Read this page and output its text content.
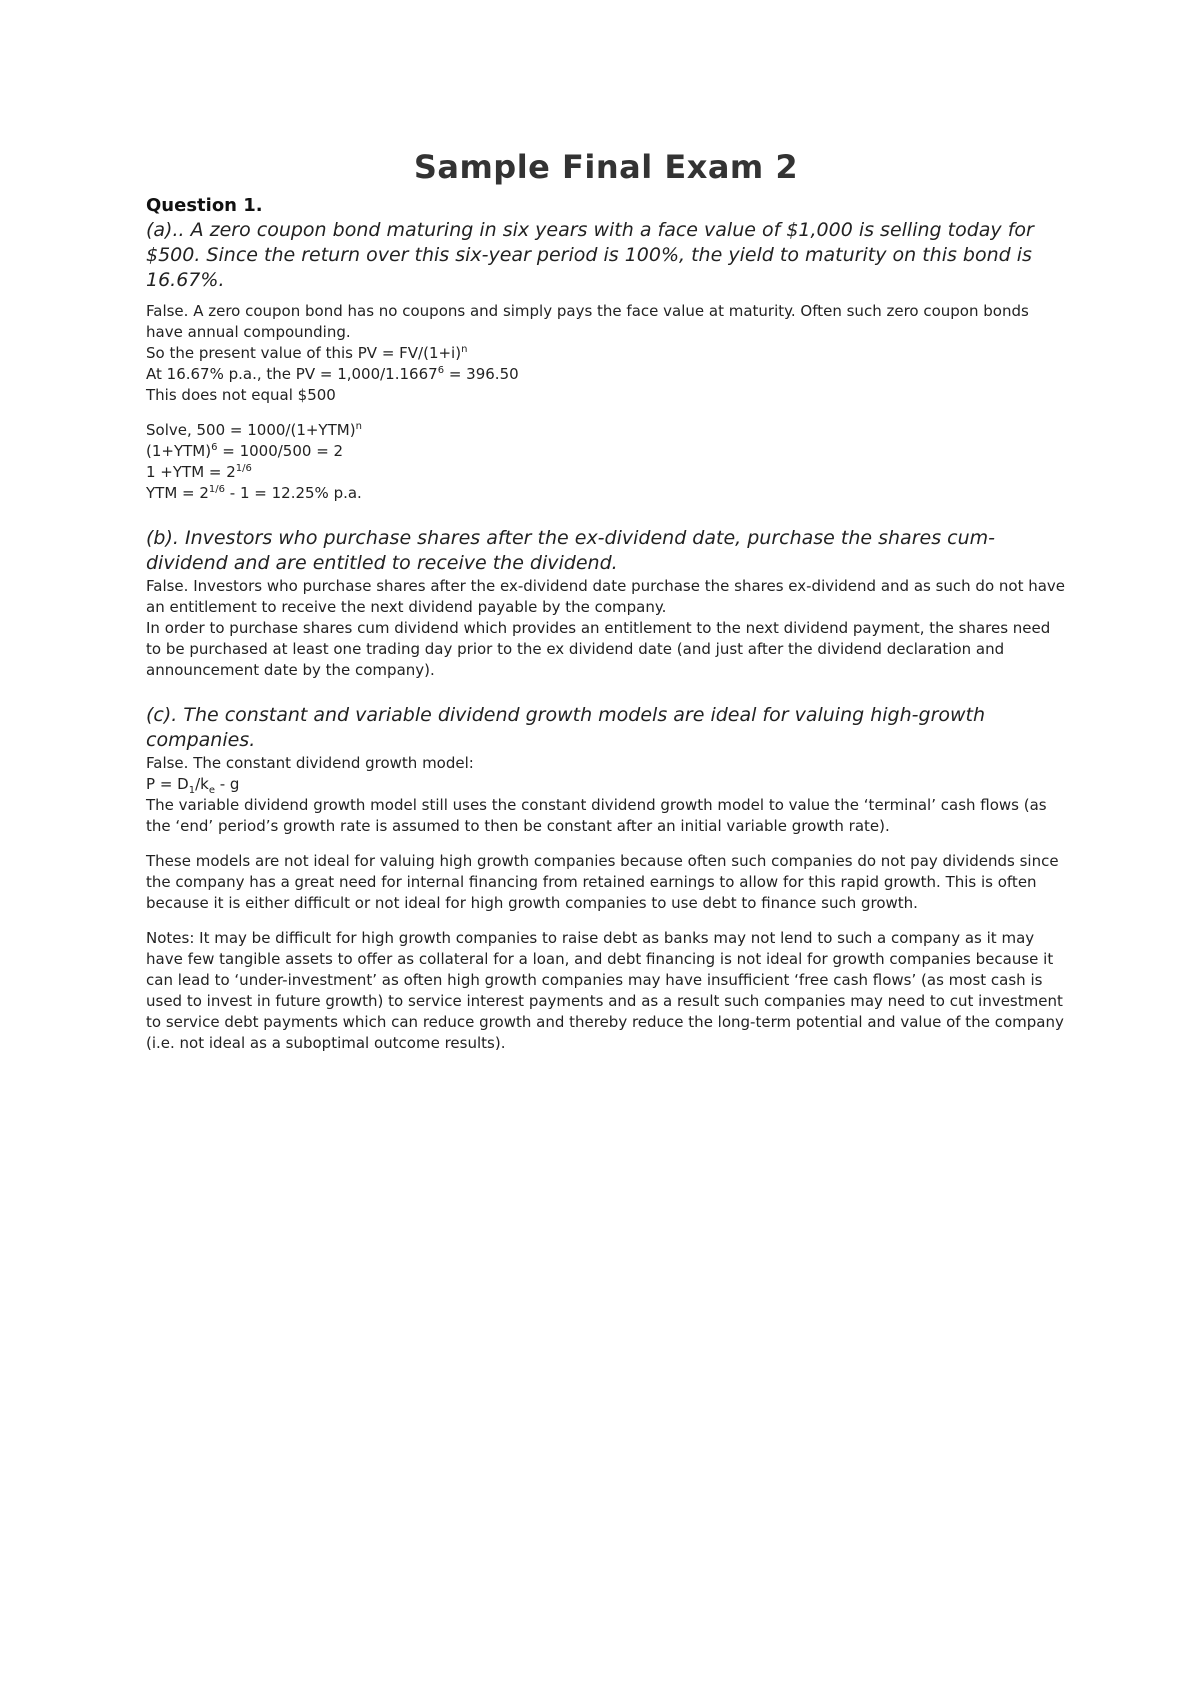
Sample Final Exam 2

Question 1.

(a).. A zero coupon bond maturing in six years with a face value of $1,000 is selling today for $500. Since the return over this six-year period is 100%, the yield to maturity on this bond is 16.67%.

False. A zero coupon bond has no coupons and simply pays the face value at maturity. Often such zero coupon bonds have annual compounding.

So the present value of this PV = $FV/(1+i)^n$

At 16.67% p.a., the PV = $1,000/1.1667^6 = 396.50$

This does not equal $500

Solve, $500 = 1000/(1+YTM)^n$

$(1+YTM)^6 = 1000/500 = 2$

$1 +YTM = 2^{1/6}$

YTM = $2^{1/6} - 1 = 12.25\%$ p.a.

(b). Investors who purchase shares after the ex-dividend date, purchase the shares cum-dividend and are entitled to receive the dividend.

False. Investors who purchase shares after the ex-dividend date purchase the shares ex-dividend and as such do not have an entitlement to receive the next dividend payable by the company.

In order to purchase shares cum dividend which provides an entitlement to the next dividend payment, the shares need to be purchased at least one trading day prior to the ex dividend date (and just after the dividend declaration and announcement date by the company).

(c). The constant and variable dividend growth models are ideal for valuing high-growth companies.

False. The constant dividend growth model:

$P = D_1/k_e - g$

The variable dividend growth model still uses the constant dividend growth model to value the ‘terminal’ cash flows (as the ‘end’ period’s growth rate is assumed to then be constant after an initial variable growth rate).

These models are not ideal for valuing high growth companies because often such companies do not pay dividends since the company has a great need for internal financing from retained earnings to allow for this rapid growth. This is often because it is either difficult or not ideal for high growth companies to use debt to finance such growth.

Notes: It may be difficult for high growth companies to raise debt as banks may not lend to such a company as it may have few tangible assets to offer as collateral for a loan, and debt financing is not ideal for growth companies because it can lead to ‘under-investment’ as often high growth companies may have insufficient ‘free cash flows’ (as most cash is used to invest in future growth) to service interest payments and as a result such companies may need to cut investment to service debt payments which can reduce growth and thereby reduce the long-term potential and value of the company (i.e. not ideal as a suboptimal outcome results).
